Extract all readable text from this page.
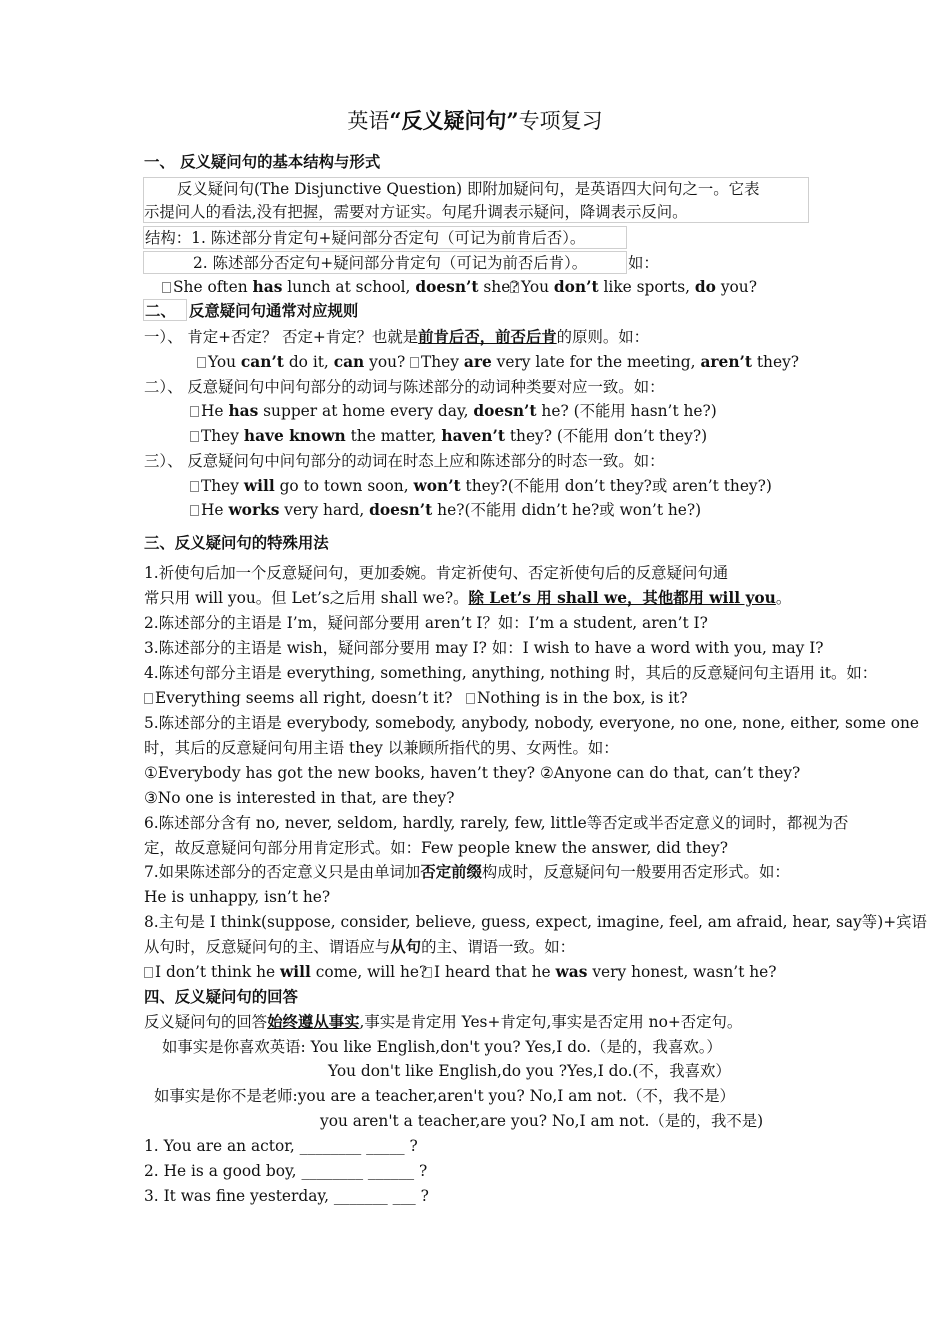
英语“反义疑问句”专项复习
一、 反义疑问句的基本结构与形式
反义疑问句(The Disjunctive Question) 即附加疑问句，是英语四大问句之一。它表
示提问人的看法,没有把握，需要对方证实。句尾升调表示疑问，降调表示反问。
结构：1. 陈述部分肯定句+疑问部分否定句（可记为前肯后否）。
2. 陈述部分否定句+疑问部分肯定句（可记为前否后肯）。	如：
She often has lunch at school, doesn’t she? You don’t like sports, do you?
二、 反意疑问句通常对应规则
一）、 肯定+否定？ 否定+肯定？也就是前肯后否，前否后肯的原则。如：
You can’t do it, can you?	They are very late for the meeting, aren’t they?
二）、 反意疑问句中问句部分的动词与陈述部分的动词种类要对应一致。如：
He has supper at home every day, doesn’t he? (不能用 hasn’t he?)
They have known the matter, haven’t they? (不能用 don’t they?)
三）、 反意疑问句中问句部分的动词在时态上应和陈述部分的时态一致。如：
They will go to town soon, won’t they?(不能用 don’t they?或 aren’t they?)
He works very hard, doesn’t he?(不能用 didn’t he?或 won’t he?)
三、反义疑问句的特殊用法
1.祈使句后加一个反意疑问句，更加委婉。肯定祈使句、否定祈使句后的反意疑问句通
常只用 will you。但 Let’s之后用 shall we?。除 Let’s 用 shall we，其他都用 will you。
2.陈述部分的主语是 I’m，疑问部分要用 aren’t I？如：I’m a student, aren’t I?
3.陈述部分的主语是 wish，疑问部分要用 may I? 如：I wish to have a word with you, may I?
4.陈述句部分主语是 everything, something, anything, nothing 时，其后的反意疑问句主语用 it。如：
Everything seems all right, doesn’t it?	Nothing is in the box, is it?
5.陈述部分的主语是 everybody, somebody, anybody, nobody, everyone, no one, none, either, some one
时，其后的反意疑问句用主语 they 以兼顾所指代的男、女两性。如：
①Everybody has got the new books, haven’t they? ②Anyone can do that, can’t they?
③No one is interested in that, are they?
6.陈述部分含有 no, never, seldom, hardly, rarely, few, little等否定或半否定意义的词时，都视为否
定，故反意疑问句部分用肯定形式。如：Few people knew the answer, did they?
7.如果陈述部分的否定意义只是由单词加否定前缀构成时，反意疑问句一般要用否定形式。如：
He is unhappy, isn’t he?
8.主句是 I think(suppose, consider, believe, guess, expect, imagine, feel, am afraid, hear, say等)+宾语
从句时，反意疑问句的主、谓语应与从句的主、谓语一致。如：
I don’t think he will come, will he? I heard that he was very honest, wasn’t he?
四、反义疑问句的回答
反义疑问句的回答始终遵从事实,事实是肯定用 Yes+肯定句,事实是否定用 no+否定句。
如事实是你喜欢英语: You like English,don't you? Yes,I do.（是的，我喜欢。）
You don't like English,do you ?Yes,I do.(不，我喜欢）
如事实是你不是老师:you are a teacher,aren't you? No,I am not.（不，我不是）
you aren't a teacher,are you? No,I am not.（是的，我不是)
1. You are an actor, ________ _____ ?
2. He is a good boy, ________ ______ ?
3. It was fine yesterday, _______ ___ ?
